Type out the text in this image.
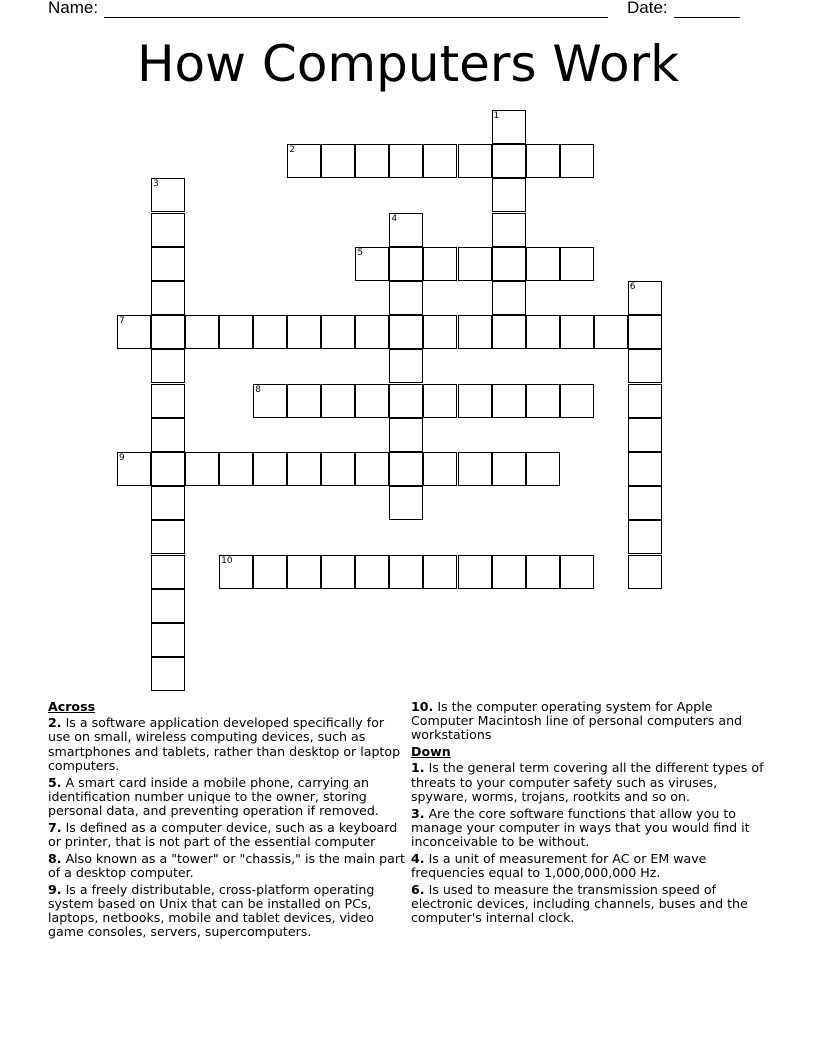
Name:	Date:
How Computers Work
1
2
3
4
5
6
7
8
9
10
Across
2. Is a software application developed specifically for use on small, wireless computing devices, such as smartphones and tablets, rather than desktop or laptop computers.
5. A smart card inside a mobile phone, carrying an identification number unique to the owner, storing personal data, and preventing operation if removed.
7. Is defined as a computer device, such as a keyboard or printer, that is not part of the essential computer
8. Also known as a "tower" or "chassis," is the main part of a desktop computer.
9. Is a freely distributable, cross-platform operating system based on Unix that can be installed on PCs, laptops, netbooks, mobile and tablet devices, video game consoles, servers, supercomputers.
10. Is the computer operating system for Apple Computer Macintosh line of personal computers and workstations
Down
1. Is the general term covering all the different types of threats to your computer safety such as viruses, spyware, worms, trojans, rootkits and so on.
3. Are the core software functions that allow you to manage your computer in ways that you would find it inconceivable to be without.
4. Is a unit of measurement for AC or EM wave frequencies equal to 1,000,000,000 Hz.
6. Is used to measure the transmission speed of electronic devices, including channels, buses and the computer's internal clock.
